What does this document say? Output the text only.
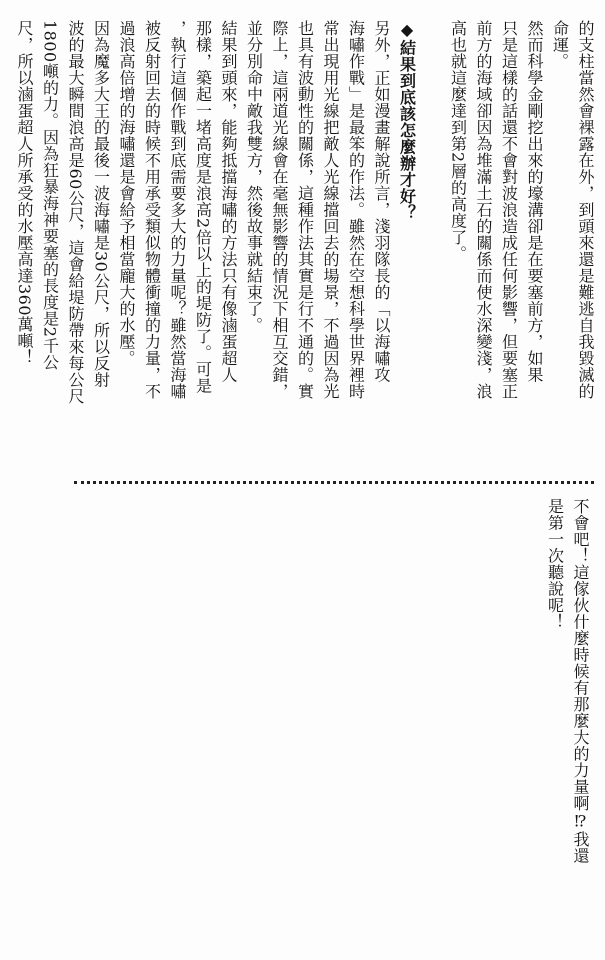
的支柱當然會裸露在外，到頭來還是難逃自我毀滅的
命運。
然而科學金剛挖出來的壕溝卻是在要塞前方，如果
只是這樣的話還不會對波浪造成任何影響，但要塞正
前方的海域卻因為堆滿土石的關係而使水深變淺，浪
高也就這麼達到第2層的高度了。

◆結果到底該怎麼辦才好？
另外，正如漫畫解說所言，淺羽隊長的「以海嘯攻
海嘯作戰」是最笨的作法。雖然在空想科學世界裡時
常出現用光線把敵人光線擋回去的場景，不過因為光
也具有波動性的關係，這種作法其實是行不通的。實
際上，這兩道光線會在毫無影響的情況下相互交錯，
並分別命中敵我雙方，然後故事就結束了。
結果到頭來，能夠抵擋海嘯的方法只有像滷蛋超人
那樣，築起一堵高度是浪高2倍以上的堤防了。可是
，執行這個作戰到底需要多大的力量呢？雖然當海嘯
被反射回去的時候不用承受類似物體衝撞的力量，不
過浪高倍增的海嘯還是會給予相當龐大的水壓。
因為魔多大王的最後一波海嘯是30公尺，所以反射
波的最大瞬間浪高是60公尺，這會給堤防帶來每公尺
1800噸的力。因為狂暴海神要塞的長度是2千公
尺，所以滷蛋超人所承受的水壓高達360萬噸！
不會吧！這傢伙什麼時候有那麼大的力量啊⁉我還
是第一次聽說呢！
